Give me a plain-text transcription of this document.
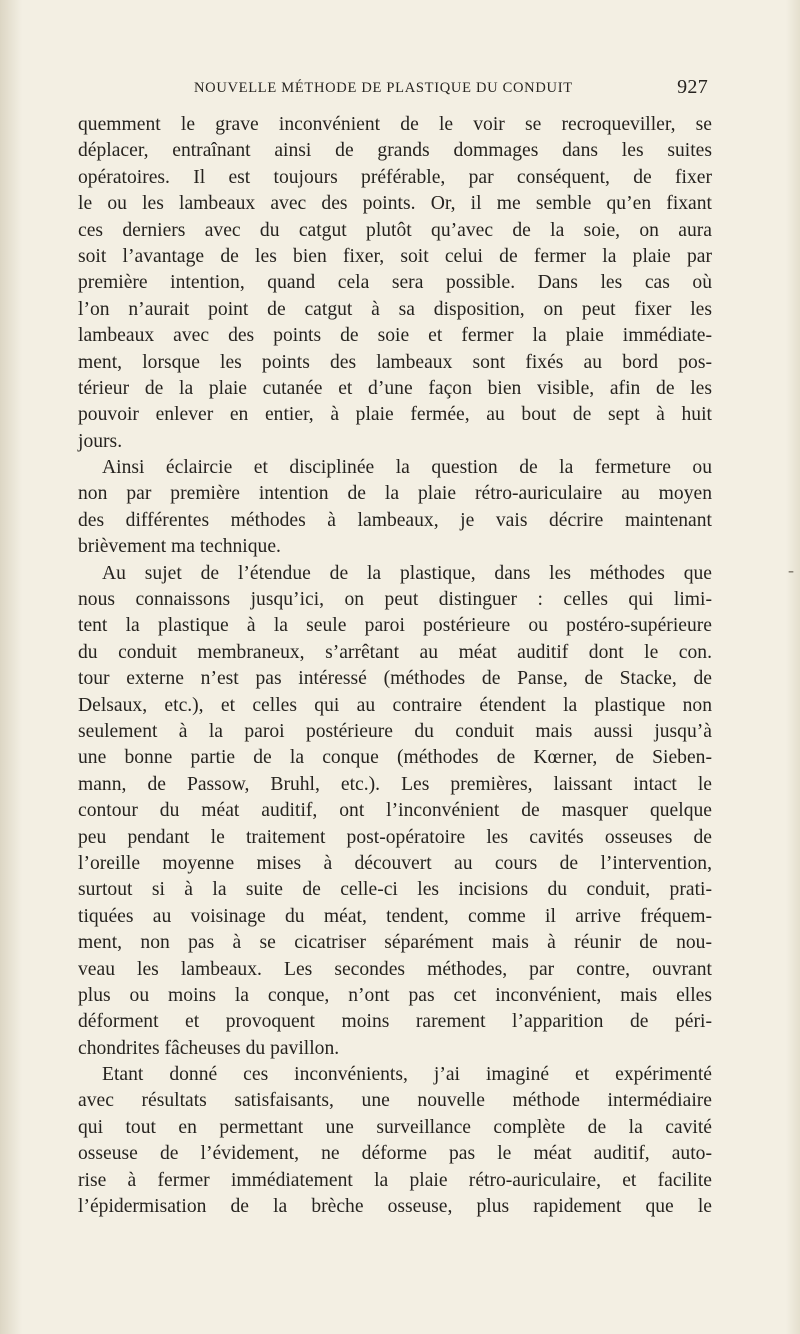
NOUVELLE MÉTHODE DE PLASTIQUE DU CONDUIT	927
quemment le grave inconvénient de le voir se recroqueviller, se
déplacer, entraînant ainsi de grands dommages dans les suites
opératoires. Il est toujours préférable, par conséquent, de fixer
le ou les lambeaux avec des points. Or, il me semble qu’en fixant
ces derniers avec du catgut plutôt qu’avec de la soie, on aura
soit l’avantage de les bien fixer, soit celui de fermer la plaie par
première intention, quand cela sera possible. Dans les cas où
l’on n’aurait point de catgut à sa disposition, on peut fixer les
lambeaux avec des points de soie et fermer la plaie immédiate-
ment, lorsque les points des lambeaux sont fixés au bord pos-
térieur de la plaie cutanée et d’une façon bien visible, afin de les
pouvoir enlever en entier, à plaie fermée, au bout de sept à huit
jours.
Ainsi éclaircie et disciplinée la question de la fermeture ou
non par première intention de la plaie rétro-auriculaire au moyen
des différentes méthodes à lambeaux, je vais décrire maintenant
brièvement ma technique.
Au sujet de l’étendue de la plastique, dans les méthodes que
nous connaissons jusqu’ici, on peut distinguer : celles qui limi-
tent la plastique à la seule paroi postérieure ou postéro-supérieure
du conduit membraneux, s’arrêtant au méat auditif dont le con.
tour externe n’est pas intéressé (méthodes de Panse, de Stacke, de
Delsaux, etc.), et celles qui au contraire étendent la plastique non
seulement à la paroi postérieure du conduit mais aussi jusqu’à
une bonne partie de la conque (méthodes de Kœrner, de Sieben-
mann, de Passow, Bruhl, etc.). Les premières, laissant intact le
contour du méat auditif, ont l’inconvénient de masquer quelque
peu pendant le traitement post-opératoire les cavités osseuses de
l’oreille moyenne mises à découvert au cours de l’intervention,
surtout si à la suite de celle-ci les incisions du conduit, prati-
tiquées au voisinage du méat, tendent, comme il arrive fréquem-
ment, non pas à se cicatriser séparément mais à réunir de nou-
veau les lambeaux. Les secondes méthodes, par contre, ouvrant
plus ou moins la conque, n’ont pas cet inconvénient, mais elles
déforment et provoquent moins rarement l’apparition de péri-
chondrites fâcheuses du pavillon.
Etant donné ces inconvénients, j’ai imaginé et expérimenté
avec résultats satisfaisants, une nouvelle méthode intermédiaire
qui tout en permettant une surveillance complète de la cavité
osseuse de l’évidement, ne déforme pas le méat auditif, auto-
rise à fermer immédiatement la plaie rétro-auriculaire, et facilite
l’épidermisation de la brèche osseuse, plus rapidement que le
-
